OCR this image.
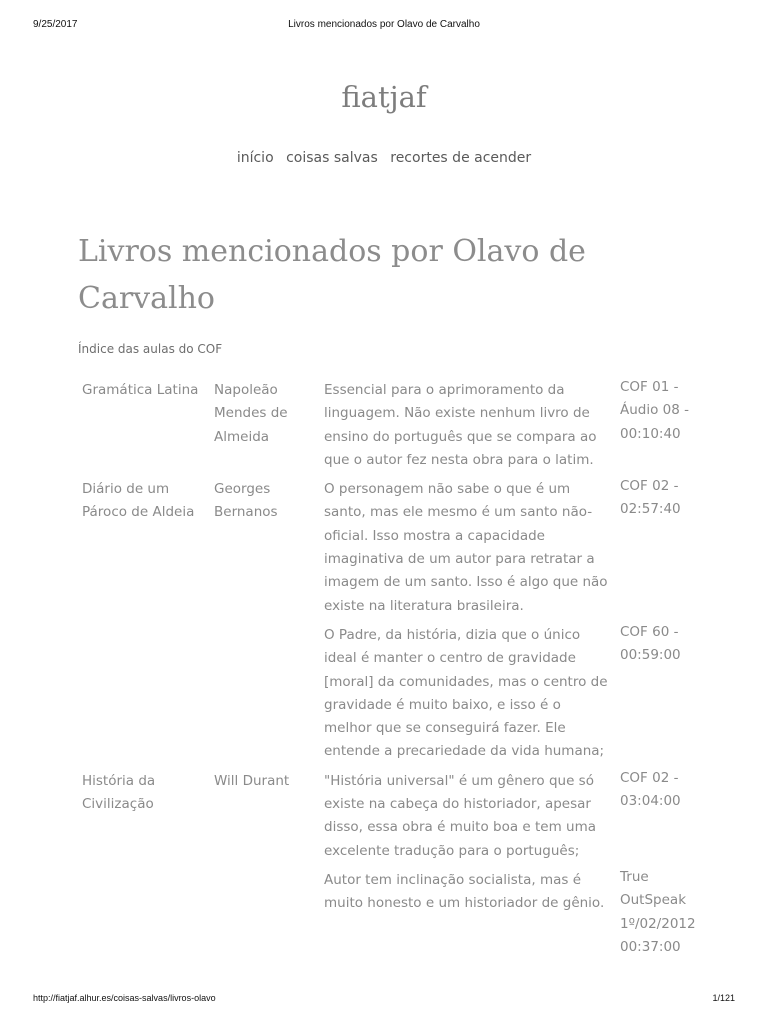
9/25/2017	Livros mencionados por Olavo de Carvalho
fiatjaf
início coisas salvas recortes de acender
Livros mencionados por Olavo de Carvalho
Índice das aulas do COF
Gramática Latina	Napoleão Mendes de Almeida	Essencial para o aprimoramento da linguagem. Não existe nenhum livro de ensino do português que se compara ao que o autor fez nesta obra para o latim.	COF 01 - Áudio 08 - 00:10:40
Diário de um Pároco de Aldeia	Georges Bernanos	O personagem não sabe o que é um santo, mas ele mesmo é um santo não-oficial. Isso mostra a capacidade imaginativa de um autor para retratar a imagem de um santo. Isso é algo que não existe na literatura brasileira.	COF 02 - 02:57:40
		O Padre, da história, dizia que o único ideal é manter o centro de gravidade [moral] da comunidades, mas o centro de gravidade é muito baixo, e isso é o melhor que se conseguirá fazer. Ele entende a precariedade da vida humana;	COF 60 - 00:59:00
História da Civilização	Will Durant	"História universal" é um gênero que só existe na cabeça do historiador, apesar disso, essa obra é muito boa e tem uma excelente tradução para o português;	COF 02 - 03:04:00
		Autor tem inclinação socialista, mas é muito honesto e um historiador de gênio.	True OutSpeak 1º/02/2012 00:37:00
http://fiatjaf.alhur.es/coisas-salvas/livros-olavo	1/121
